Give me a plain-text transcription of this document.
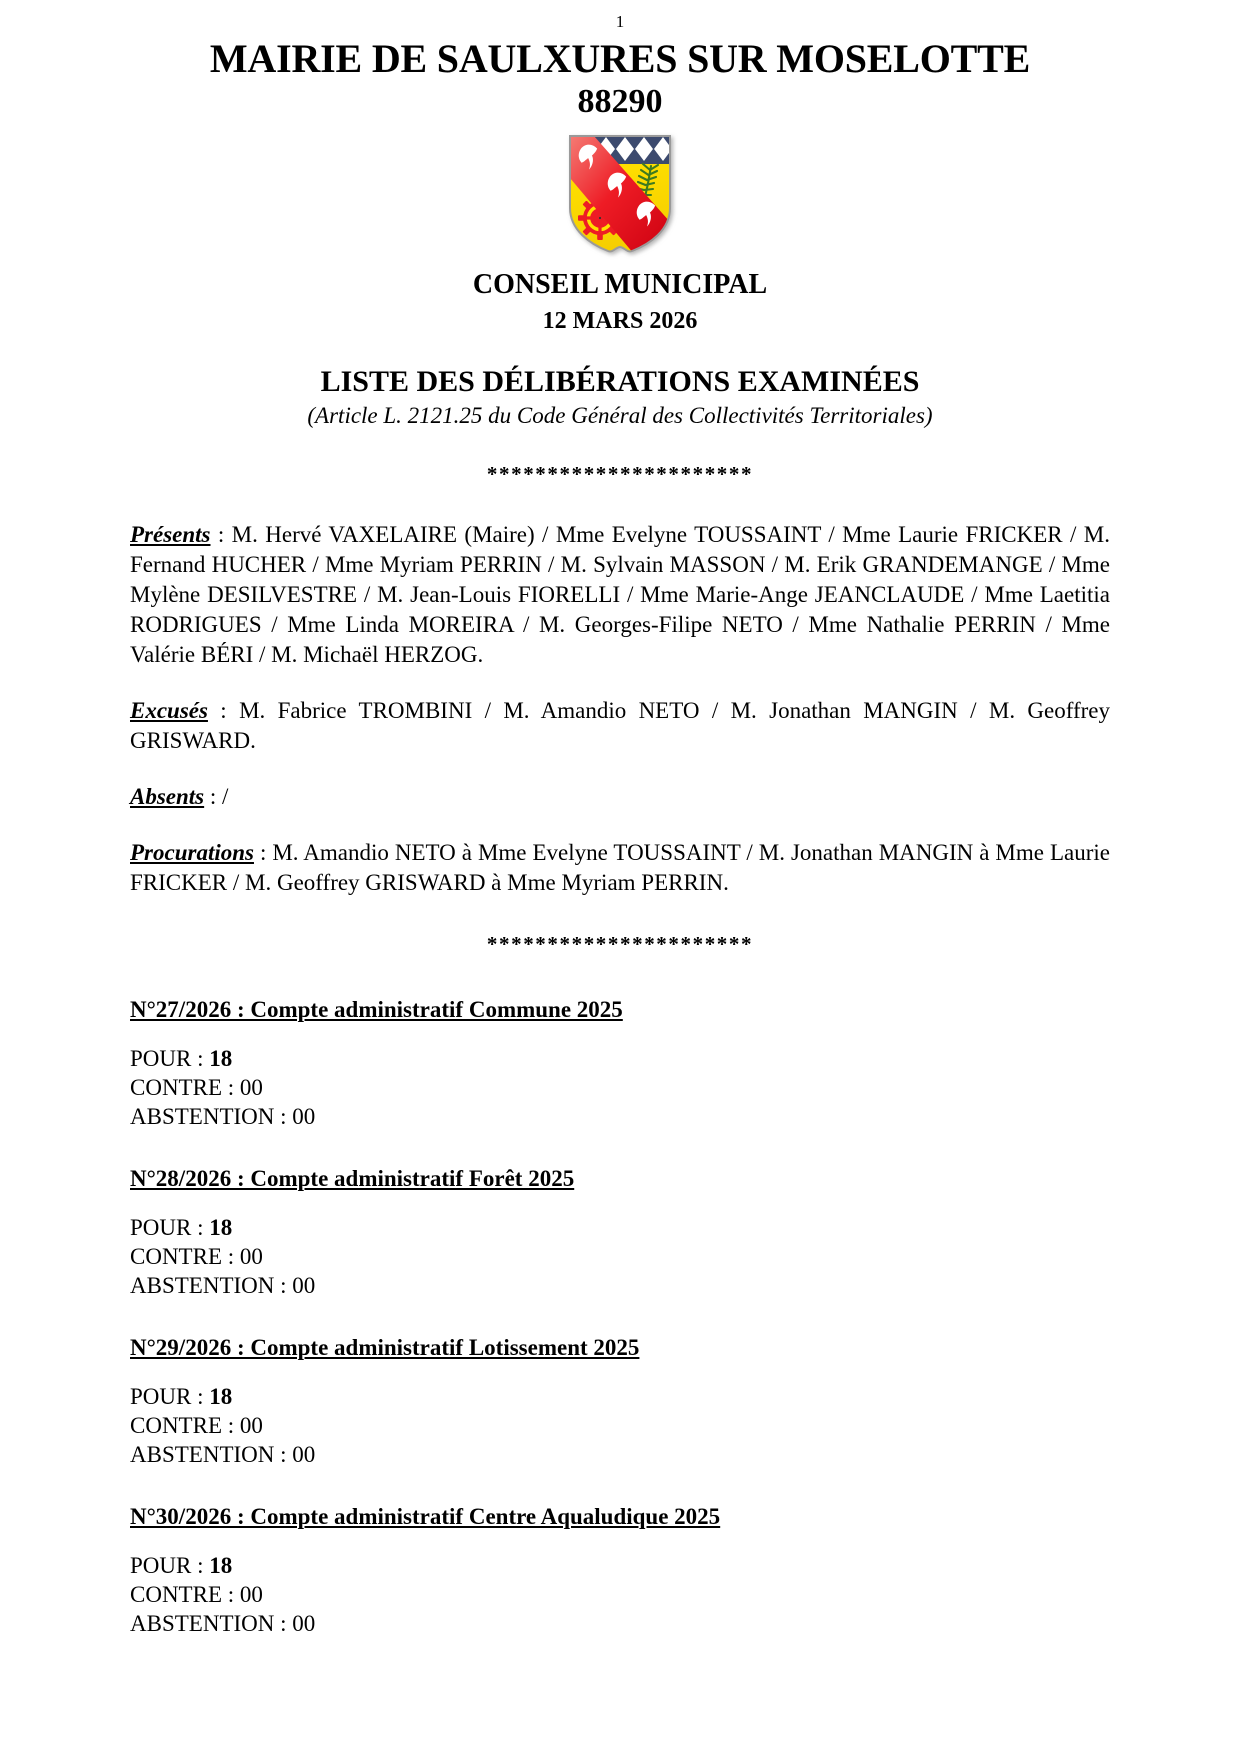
1
MAIRIE DE SAULXURES SUR MOSELOTTE
88290
CONSEIL MUNICIPAL
12 MARS 2026
LISTE DES DÉLIBÉRATIONS EXAMINÉES
(Article L. 2121.25 du Code Général des Collectivités Territoriales)
**********************

Présents : M. Hervé VAXELAIRE (Maire) / Mme Evelyne TOUSSAINT / Mme Laurie FRICKER / M. Fernand HUCHER / Mme Myriam PERRIN / M. Sylvain MASSON / M. Erik GRANDEMANGE / Mme Mylène DESILVESTRE / M. Jean-Louis FIORELLI / Mme Marie-Ange JEANCLAUDE / Mme Laetitia RODRIGUES / Mme Linda MOREIRA / M. Georges-Filipe NETO / Mme Nathalie PERRIN / Mme Valérie BÉRI / M. Michaël HERZOG.

Excusés : M. Fabrice TROMBINI / M. Amandio NETO / M. Jonathan MANGIN / M. Geoffrey GRISWARD.

Absents : /

Procurations : M. Amandio NETO à Mme Evelyne TOUSSAINT / M. Jonathan MANGIN à Mme Laurie FRICKER / M. Geoffrey GRISWARD à Mme Myriam PERRIN.

**********************
N°27/2026 : Compte administratif Commune 2025
POUR : 18
CONTRE : 00
ABSTENTION : 00
N°28/2026 : Compte administratif Forêt 2025
POUR : 18
CONTRE : 00
ABSTENTION : 00
N°29/2026 : Compte administratif Lotissement 2025
POUR : 18
CONTRE : 00
ABSTENTION : 00
N°30/2026 : Compte administratif Centre Aqualudique 2025
POUR : 18
CONTRE : 00
ABSTENTION : 00
